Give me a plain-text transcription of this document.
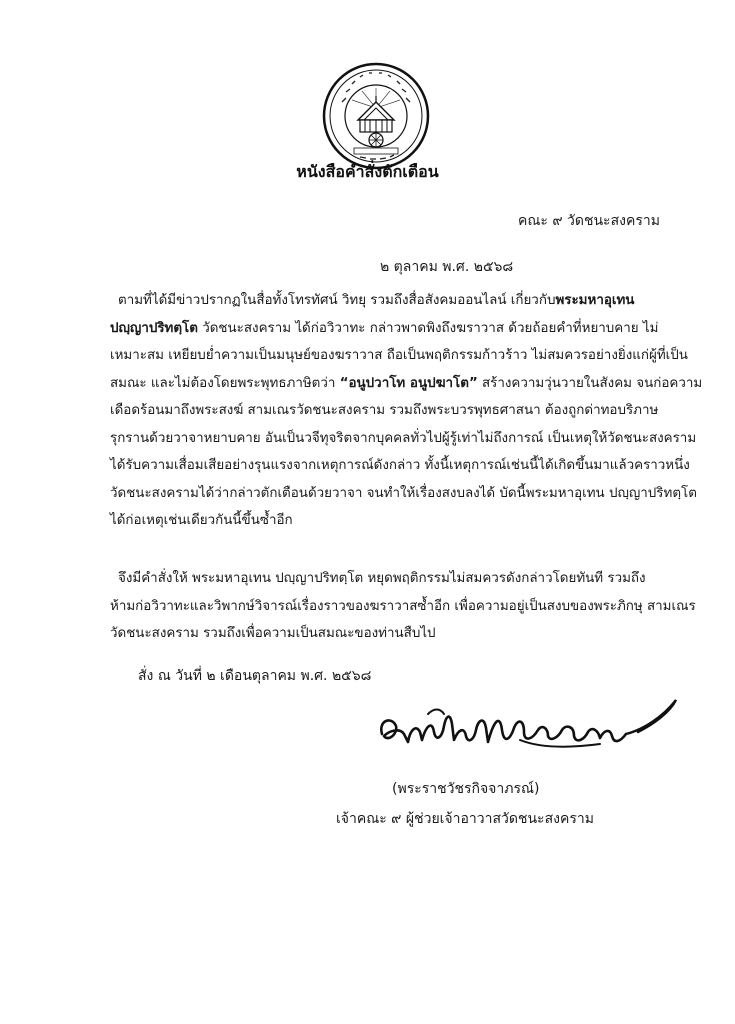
หนังสือคำสั่งตักเตือน
คณะ ๙ วัดชนะสงคราม
๒ ตุลาคม พ.ศ. ๒๕๖๘
ตามที่ได้มีข่าวปรากฏในสื่อทั้งโทรทัศน์ วิทยุ รวมถึงสื่อสังคมออนไลน์ เกี่ยวกับพระมหาอุเทน
ปญฺญาปริทตฺโต วัดชนะสงคราม ได้ก่อวิวาทะ กล่าวพาดพิงถึงฆราวาส ด้วยถ้อยคำที่หยาบคาย ไม่
เหมาะสม เหยียบย่ำความเป็นมนุษย์ของฆราวาส ถือเป็นพฤติกรรมก้าวร้าว ไม่สมควรอย่างยิ่งแก่ผู้ที่เป็น
สมณะ และไม่ต้องโดยพระพุทธภาษิตว่า “อนูปวาโท อนูปฆาโต” สร้างความวุ่นวายในสังคม จนก่อความ
เดือดร้อนมาถึงพระสงฆ์ สามเณรวัดชนะสงคราม รวมถึงพระบวรพุทธศาสนา ต้องถูกด่าทอบริภาษ
รุกรานด้วยวาจาหยาบคาย อันเป็นวจีทุจริตจากบุคคลทั่วไปผู้รู้เท่าไม่ถึงการณ์ เป็นเหตุให้วัดชนะสงคราม
ได้รับความเสื่อมเสียอย่างรุนแรงจากเหตุการณ์ดังกล่าว ทั้งนี้เหตุการณ์เช่นนี้ได้เกิดขึ้นมาแล้วคราวหนึ่ง
วัดชนะสงครามได้ว่ากล่าวตักเตือนด้วยวาจา จนทำให้เรื่องสงบลงได้ บัดนี้พระมหาอุเทน ปญฺญาปริทตฺโต
ได้ก่อเหตุเช่นเดียวกันนี้ขึ้นซ้ำอีก
จึงมีคำสั่งให้ พระมหาอุเทน ปญฺญาปริทตฺโต หยุดพฤติกรรมไม่สมควรดังกล่าวโดยทันที รวมถึง
ห้ามก่อวิวาทะและวิพากษ์วิจารณ์เรื่องราวของฆราวาสซ้ำอีก เพื่อความอยู่เป็นสงบของพระภิกษุ สามเณร
วัดชนะสงคราม รวมถึงเพื่อความเป็นสมณะของท่านสืบไป
สั่ง ณ วันที่ ๒ เดือนตุลาคม พ.ศ. ๒๕๖๘
(พระราชวัชรกิจจาภรณ์)
เจ้าคณะ ๙ ผู้ช่วยเจ้าอาวาสวัดชนะสงคราม
